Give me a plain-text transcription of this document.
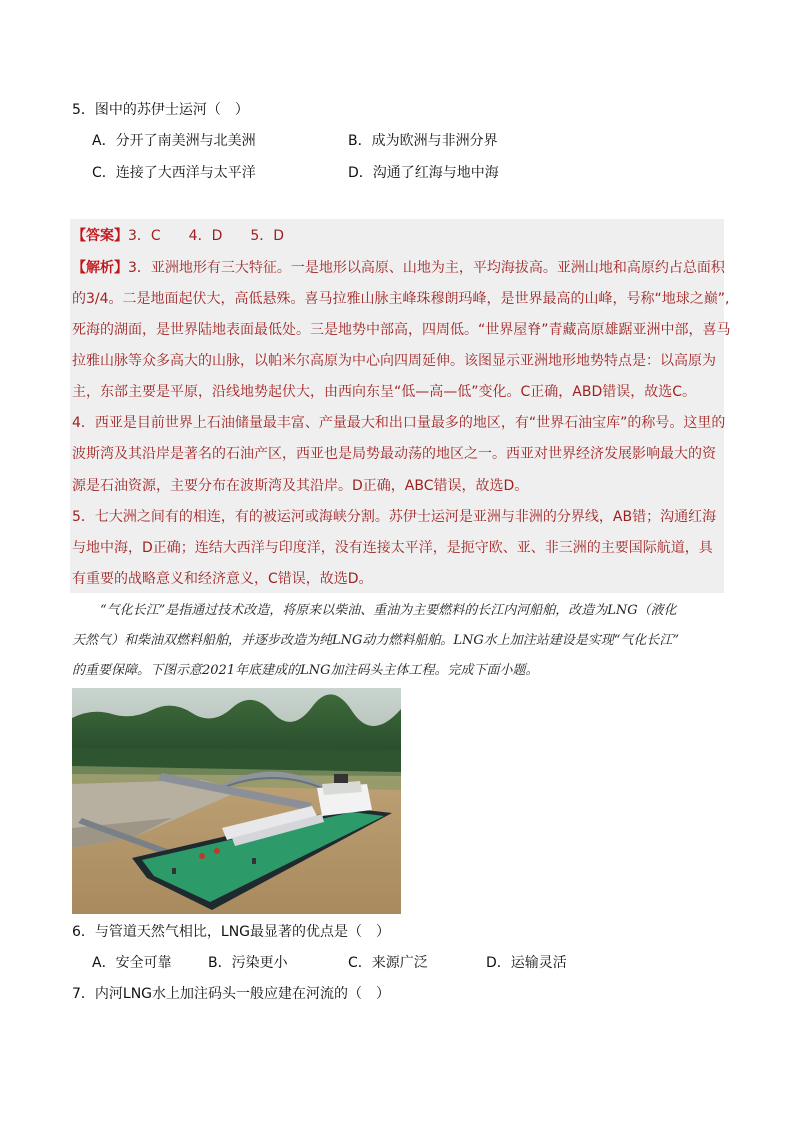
5．图中的苏伊士运河（　）
A．分开了南美洲与北美洲	B．成为欧洲与非洲分界
C．连接了大西洋与太平洋	D．沟通了红海与地中海
【答案】3．C　　4．D　　5．D
【解析】3．亚洲地形有三大特征。一是地形以高原、山地为主，平均海拔高。亚洲山地和高原约占总面积
的3/4。二是地面起伏大，高低悬殊。喜马拉雅山脉主峰珠穆朗玛峰，是世界最高的山峰，号称“地球之巅”,
死海的湖面，是世界陆地表面最低处。三是地势中部高，四周低。“世界屋脊”青藏高原雄踞亚洲中部，喜马
拉雅山脉等众多高大的山脉，以帕米尔高原为中心向四周延伸。该图显示亚洲地形地势特点是：以高原为
主，东部主要是平原，沿线地势起伏大，由西向东呈“低—高—低”变化。C正确，ABD错误，故选C。
4．西亚是目前世界上石油储量最丰富、产量最大和出口量最多的地区，有“世界石油宝库”的称号。这里的
波斯湾及其沿岸是著名的石油产区，西亚也是局势最动荡的地区之一。西亚对世界经济发展影响最大的资
源是石油资源，主要分布在波斯湾及其沿岸。D正确，ABC错误，故选D。
5．七大洲之间有的相连，有的被运河或海峡分割。苏伊士运河是亚洲与非洲的分界线，AB错；沟通红海
与地中海，D正确；连结大西洋与印度洋，没有连接太平洋，是扼守欧、亚、非三洲的主要国际航道，具
有重要的战略意义和经济意义，C错误，故选D。
“气化长江”是指通过技术改造，将原来以柴油、重油为主要燃料的长江内河船舶，改造为LNG（液化
天然气）和柴油双燃料船舶，并逐步改造为纯LNG动力燃料船舶。LNG水上加注站建设是实现“气化长江”
的重要保障。下图示意2021年底建成的LNG加注码头主体工程。完成下面小题。
6．与管道天然气相比，LNG最显著的优点是（　）
A．安全可靠	B．污染更小	C．来源广泛	D．运输灵活
7．内河LNG水上加注码头一般应建在河流的（　）
